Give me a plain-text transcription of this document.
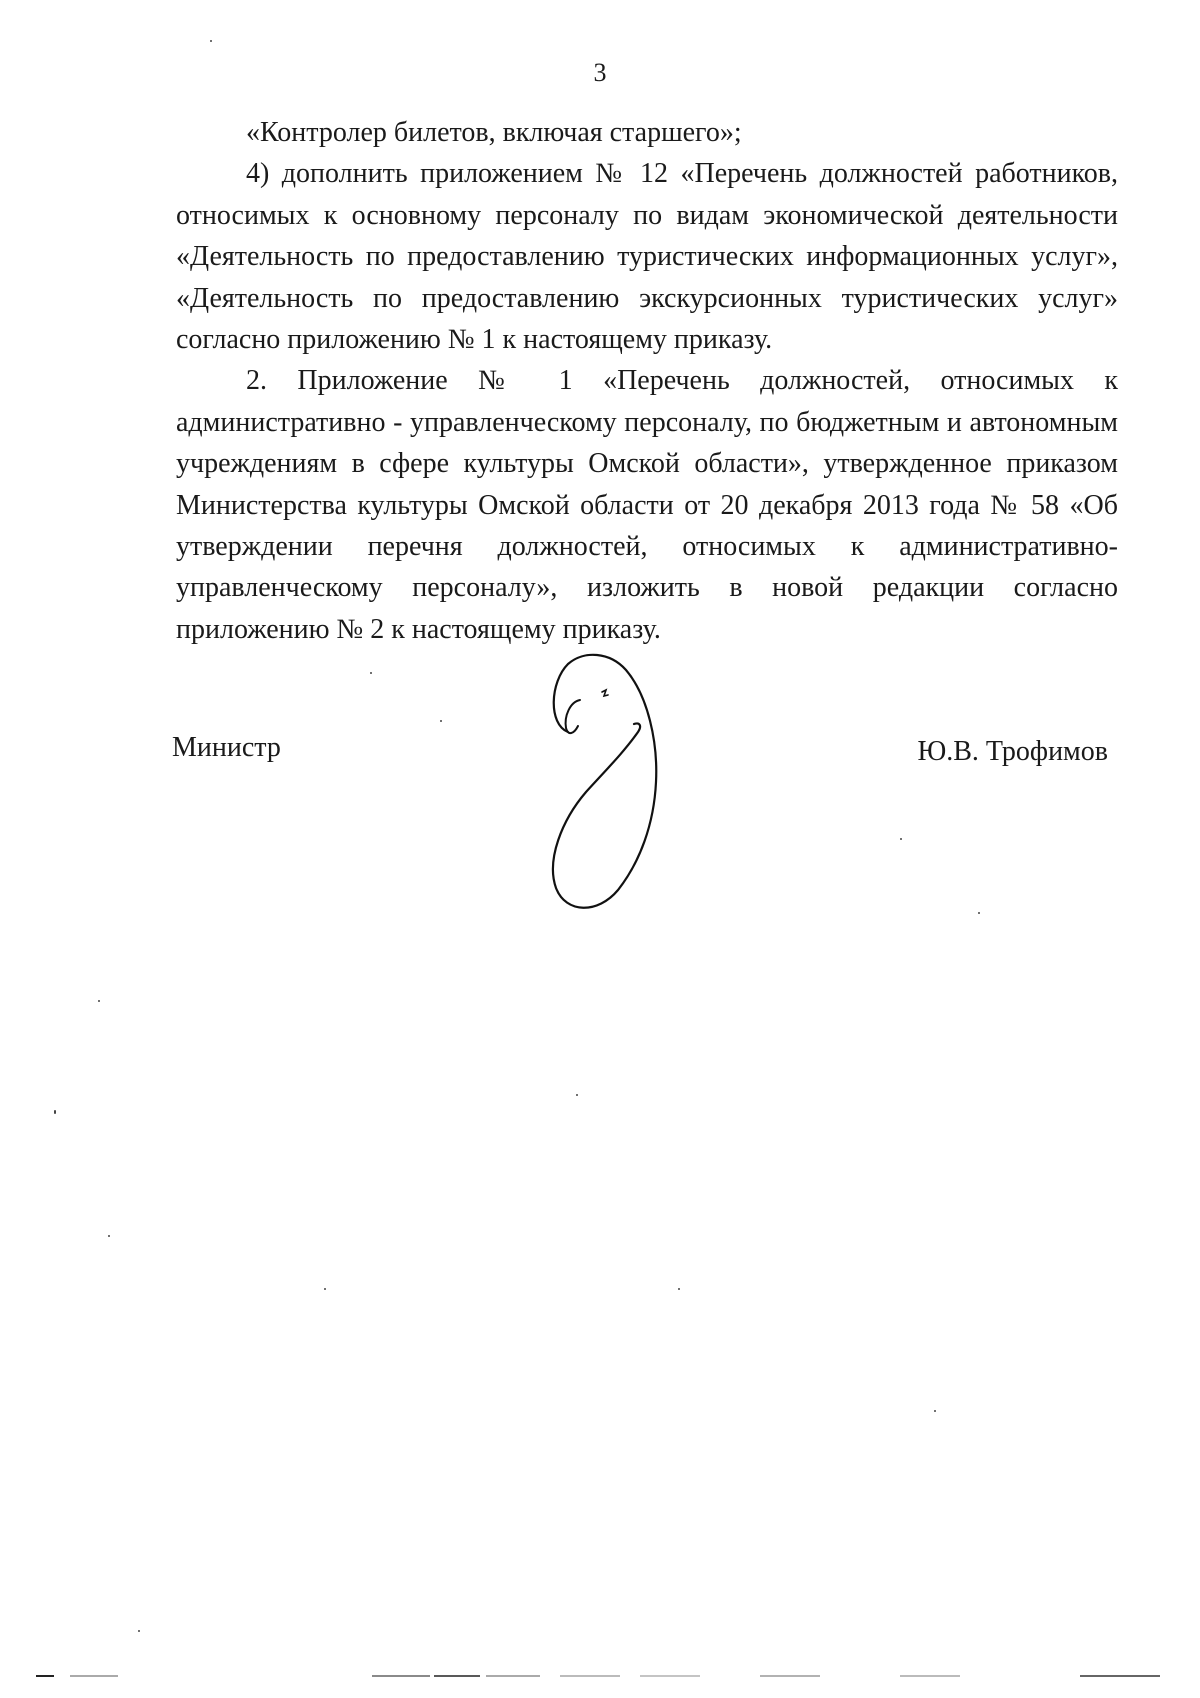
3

«Контролер билетов, включая старшего»;

4) дополнить приложением № 12 «Перечень должностей работников, относимых к основному персоналу по видам экономической деятельности «Деятельность по предоставлению туристических информационных услуг», «Деятельность по предоставлению экскурсионных туристических услуг» согласно приложению № 1 к настоящему приказу.

2. Приложение № 1 «Перечень должностей, относимых к административно - управленческому персоналу, по бюджетным и автономным учреждениям в сфере культуры Омской области», утвержденное приказом Министерства культуры Омской области от 20 декабря 2013 года № 58 «Об утверждении перечня должностей, относимых к административно-управленческому персоналу», изложить в новой редакции согласно приложению № 2 к настоящему приказу.

Министр	Ю.В. Трофимов
